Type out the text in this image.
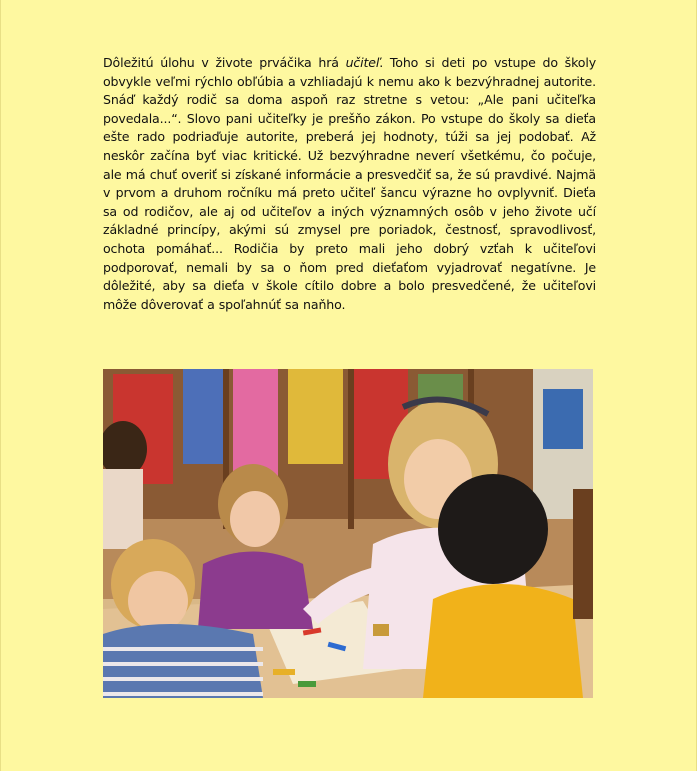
Dôležitú úlohu v živote prváčika hrá učiteľ. Toho si deti po vstupe do školy obvykle veľmi rýchlo obľúbia a vzhliadajú k nemu ako k bezvýhradnej autorite. Snáď každý rodič sa doma aspoň raz stretne s vetou: „Ale pani učiteľka povedala...“. Slovo pani učiteľky je prešňo zákon. Po vstupe do školy sa dieťa ešte rado podriaďuje autorite, preberá jej hodnoty, túži sa jej podobať. Až neskôr začína byť viac kritické. Už bezvýhradne neverí všetkému, čo počuje, ale má chuť overiť si získané informácie a presvedčiť sa, že sú pravdivé. Najmä v prvom a druhom ročníku má preto učiteľ šancu výrazne ho ovplyvniť. Dieťa sa od rodičov, ale aj od učiteľov a iných významných osôb v jeho živote učí základné princípy, akými sú zmysel pre poriadok, čestnosť, spravodlivosť, ochota pomáhať... Rodičia by preto mali jeho dobrý vzťah k učiteľovi podporovať, nemali by sa o ňom pred dieťaťom vyjadrovať negatívne. Je dôležité, aby sa dieťa v škole cítilo dobre a bolo presvedčené, že učiteľovi môže dôverovať a spoľahnúť sa naňho.
